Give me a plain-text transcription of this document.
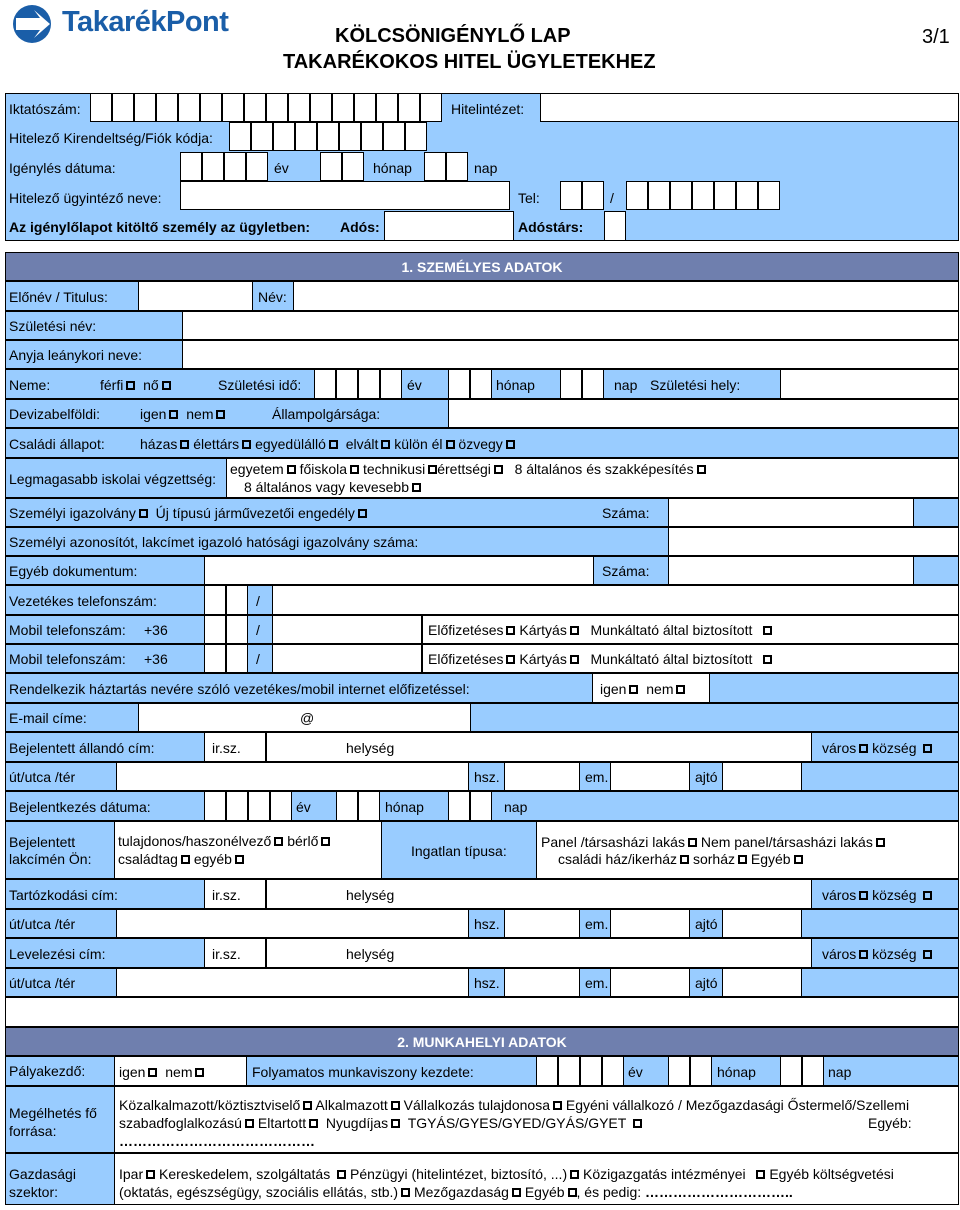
TakarékPont	KÖLCSÖNIGÉNYLŐ LAP
TAKARÉKOKOS HITEL ÜGYLETEKHEZ
3/1
Iktatószám:	Hitelintézet:
Hitelező Kirendeltség/Fiók kódja:
Igénylés dátuma:	év	hónap	nap
Hitelező ügyintéző neve:	Tel:	/
Az igénylőlapot kitöltő személy az ügyletben: Adós:	Adóstárs:
1. SZEMÉLYES ADATOK
Előnév / Titulus:	Név:
Születési név:
Anyja leánykori neve:
Neme:	férfi nő	Születési idő:	év	hónap	nap Születési hely:
Devizabelföldi:	igen nem	Állampolgársága:
Családi állapot:	házas élettárs egyedülálló elvált külön él özvegy
Legmagasabb iskolai végzettség:
egyetem főiskola technikusi érettségi 8 általános és szakképesítés
8 általános vagy kevesebb
Személyi igazolvány Új típusú járművezetői engedély	Száma:
Személyi azonosítót, lakcímet igazoló hatósági igazolvány száma:
Egyéb dokumentum:	Száma:
Vezetékes telefonszám:	/
Mobil telefonszám: +36	/	Előfizetéses Kártyás Munkáltató által biztosított
Mobil telefonszám: +36	/	Előfizetéses Kártyás Munkáltató által biztosított
Rendelkezik háztartás nevére szóló vezetékes/mobil internet előfizetéssel:	igen nem
E-mail címe:	@
Bejelentett állandó cím:	ir.sz.	helység	város község
út/utca /tér	hsz.	em.	ajtó
Bejelentkezés dátuma:	év	hónap	nap
Bejelentett
lakcímén Ön:
tulajdonos/haszonélvező bérlő
családtag egyéb	Ingatlan típusa:
Panel /társasházi lakás Nem panel/társasházi lakás
családi ház/ikerház sorház Egyéb
Tartózkodási cím:	ir.sz.	helység	város község
út/utca /tér	hsz.	em.	ajtó
Levelezési cím:	ir.sz.	helység	város község
út/utca /tér	hsz.	em.	ajtó
2. MUNKAHELYI ADATOK
Pályakezdő: igen nem	Folyamatos munkaviszony kezdete:	év	hónap	nap
Megélhetés fő
forrása:
Közalkalmazott/köztisztviselő Alkalmazott Vállalkozás tulajdonosa Egyéni vállalkozó / Mezőgazdasági Őstermelő/Szellemi
szabadfoglalkozású Eltartott Nyugdíjas TGYÁS/GYES/GYED/GYÁS/GYET	Egyéb:
……………………………………
Gazdasági
szektor:
Ipar Kereskedelem, szolgáltatás Pénzügyi (hitelintézet, biztosító, ...) Közigazgatás intézményei Egyéb költségvetési
(oktatás, egészségügy, szociális ellátás, stb.) Mezőgazdaság Egyéb , és pedig: …………………………..
